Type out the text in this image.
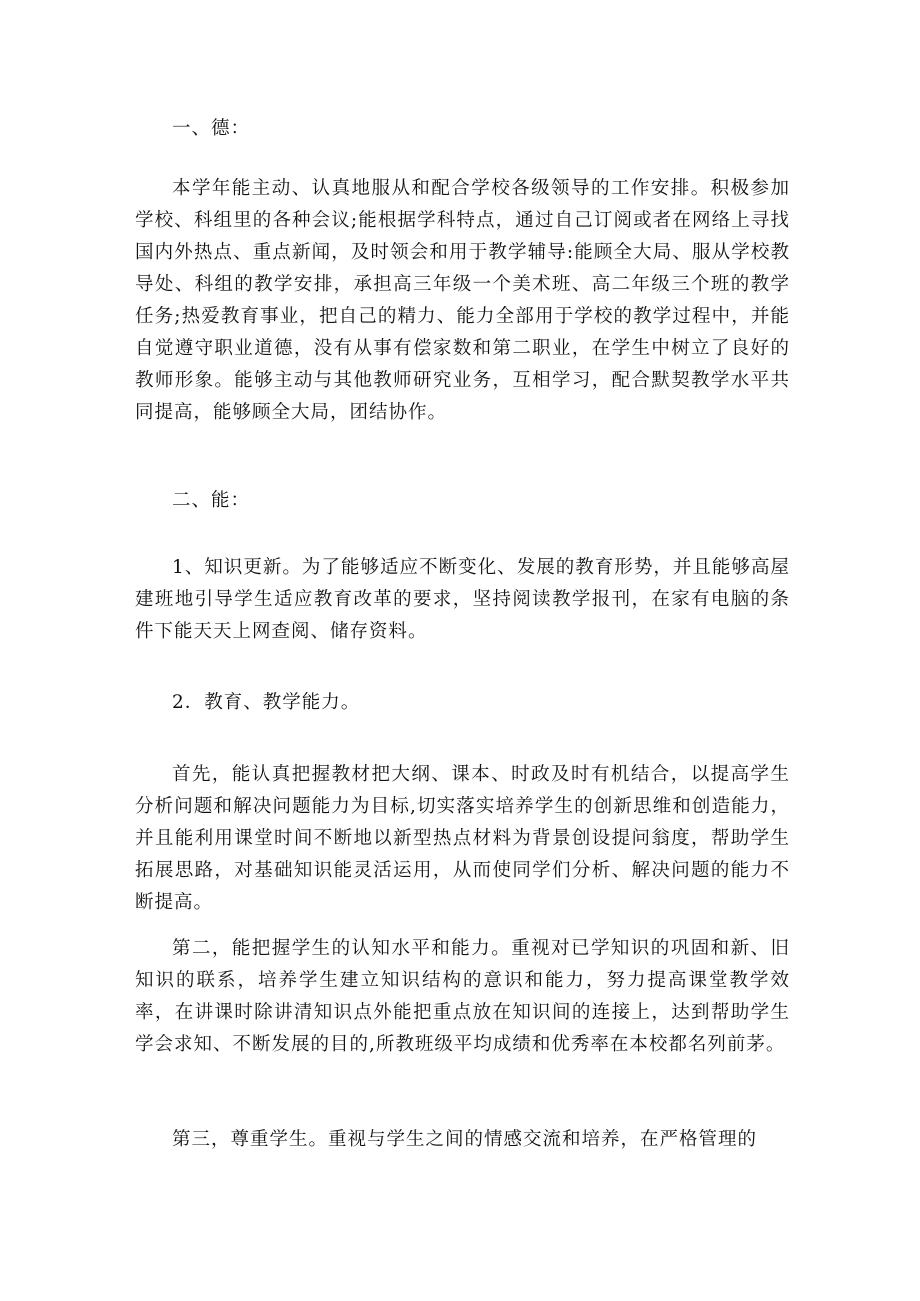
一、德：
本学年能主动、认真地服从和配合学校各级领导的工作安排。积极参加学校、科组里的各种会议;能根据学科特点，通过自己订阅或者在网络上寻找国内外热点、重点新闻，及时领会和用于教学辅导:能顾全大局、服从学校教导处、科组的教学安排，承担高三年级一个美术班、高二年级三个班的教学任务;热爱教育事业，把自己的精力、能力全部用于学校的教学过程中，并能自觉遵守职业道德，没有从事有偿家数和第二职业，在学生中树立了良好的教师形象。能够主动与其他教师研究业务，互相学习，配合默契教学水平共同提高，能够顾全大局，团结协作。
二、能：
1、知识更新。为了能够适应不断变化、发展的教育形势，并且能够高屋建班地引导学生适应教育改革的要求，坚持阅读教学报刊，在家有电脑的条件下能天天上网查阅、储存资料。
2．教育、教学能力。
首先，能认真把握教材把大纲、课本、时政及时有机结合，以提高学生分析问题和解决问题能力为目标,切实落实培养学生的创新思维和创造能力，并且能利用课堂时间不断地以新型热点材料为背景创设提问翁度，帮助学生拓展思路，对基础知识能灵活运用，从而使同学们分析、解决问题的能力不断提高。
第二，能把握学生的认知水平和能力。重视对已学知识的巩固和新、旧知识的联系，培养学生建立知识结构的意识和能力，努力提高课堂教学效率，在讲课时除讲清知识点外能把重点放在知识间的连接上，达到帮助学生学会求知、不断发展的目的,所教班级平均成绩和优秀率在本校都名列前茅。
第三，尊重学生。重视与学生之间的情感交流和培养，在严格管理的
